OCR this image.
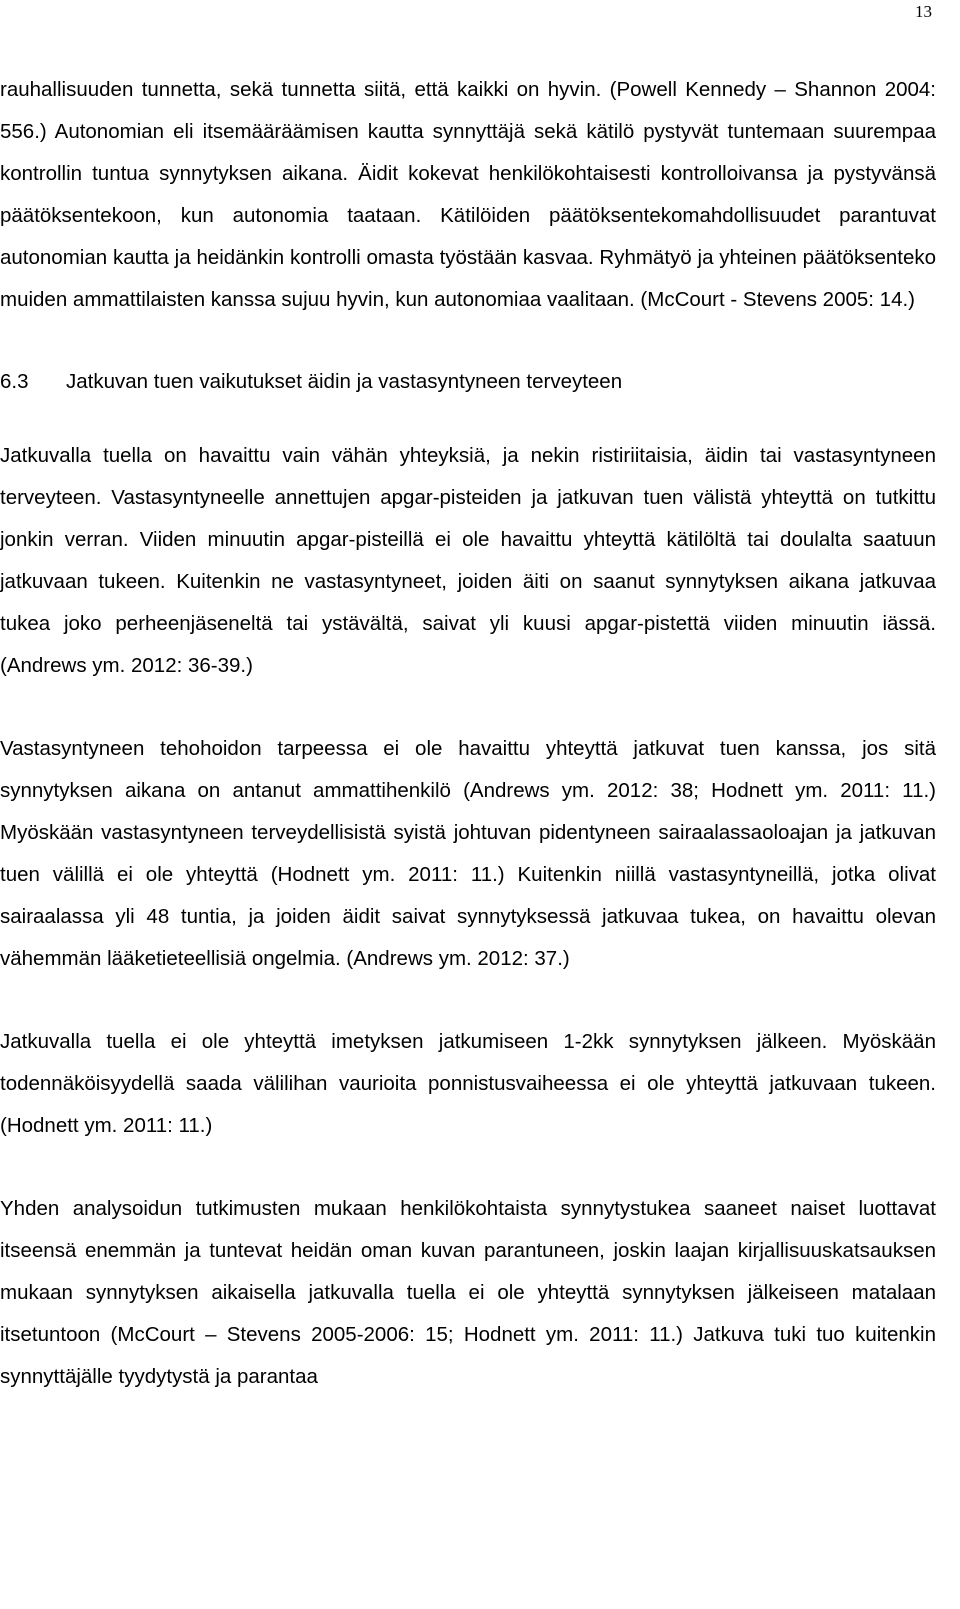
13

rauhallisuuden tunnetta, sekä tunnetta siitä, että kaikki on hyvin. (Powell Kennedy – Shannon 2004: 556.) Autonomian eli itsemääräämisen kautta synnyttäjä sekä kätilö pystyvät tuntemaan suurempaa kontrollin tuntua synnytyksen aikana. Äidit kokevat henkilökohtaisesti kontrolloivansa ja pystyvänsä päätöksentekoon, kun autonomia taataan. Kätilöiden päätöksentekomahdollisuudet parantuvat autonomian kautta ja heidänkin kontrolli omasta työstään kasvaa. Ryhmätyö ja yhteinen päätöksenteko muiden ammattilaisten kanssa sujuu hyvin, kun autonomiaa vaalitaan. (McCourt - Stevens 2005: 14.)

6.3	Jatkuvan tuen vaikutukset äidin ja vastasyntyneen terveyteen

Jatkuvalla tuella on havaittu vain vähän yhteyksiä, ja nekin ristiriitaisia, äidin tai vastasyntyneen terveyteen. Vastasyntyneelle annettujen apgar-pisteiden ja jatkuvan tuen välistä yhteyttä on tutkittu jonkin verran. Viiden minuutin apgar-pisteillä ei ole havaittu yhteyttä kätilöltä tai doulalta saatuun jatkuvaan tukeen. Kuitenkin ne vastasyntyneet, joiden äiti on saanut synnytyksen aikana jatkuvaa tukea joko perheenjäseneltä tai ystävältä, saivat yli kuusi apgar-pistettä viiden minuutin iässä. (Andrews ym. 2012: 36-39.)

Vastasyntyneen tehohoidon tarpeessa ei ole havaittu yhteyttä jatkuvat tuen kanssa, jos sitä synnytyksen aikana on antanut ammattihenkilö (Andrews ym. 2012: 38; Hodnett ym. 2011: 11.) Myöskään vastasyntyneen terveydellisistä syistä johtuvan pidentyneen sairaalassaoloajan ja jatkuvan tuen välillä ei ole yhteyttä (Hodnett ym. 2011: 11.) Kuitenkin niillä vastasyntyneillä, jotka olivat sairaalassa yli 48 tuntia, ja joiden äidit saivat synnytyksessä jatkuvaa tukea, on havaittu olevan vähemmän lääketieteellisiä ongelmia. (Andrews ym. 2012: 37.)

Jatkuvalla tuella ei ole yhteyttä imetyksen jatkumiseen 1-2kk synnytyksen jälkeen. Myöskään todennäköisyydellä saada välilihan vaurioita ponnistusvaiheessa ei ole yhteyttä jatkuvaan tukeen. (Hodnett ym. 2011: 11.)

Yhden analysoidun tutkimusten mukaan henkilökohtaista synnytystukea saaneet naiset luottavat itseensä enemmän ja tuntevat heidän oman kuvan parantuneen, joskin laajan kirjallisuuskatsauksen mukaan synnytyksen aikaisella jatkuvalla tuella ei ole yhteyttä synnytyksen jälkeiseen matalaan itsetuntoon (McCourt – Stevens 2005-2006: 15; Hodnett ym. 2011: 11.) Jatkuva tuki tuo kuitenkin synnyttäjälle tyydytystä ja parantaa
